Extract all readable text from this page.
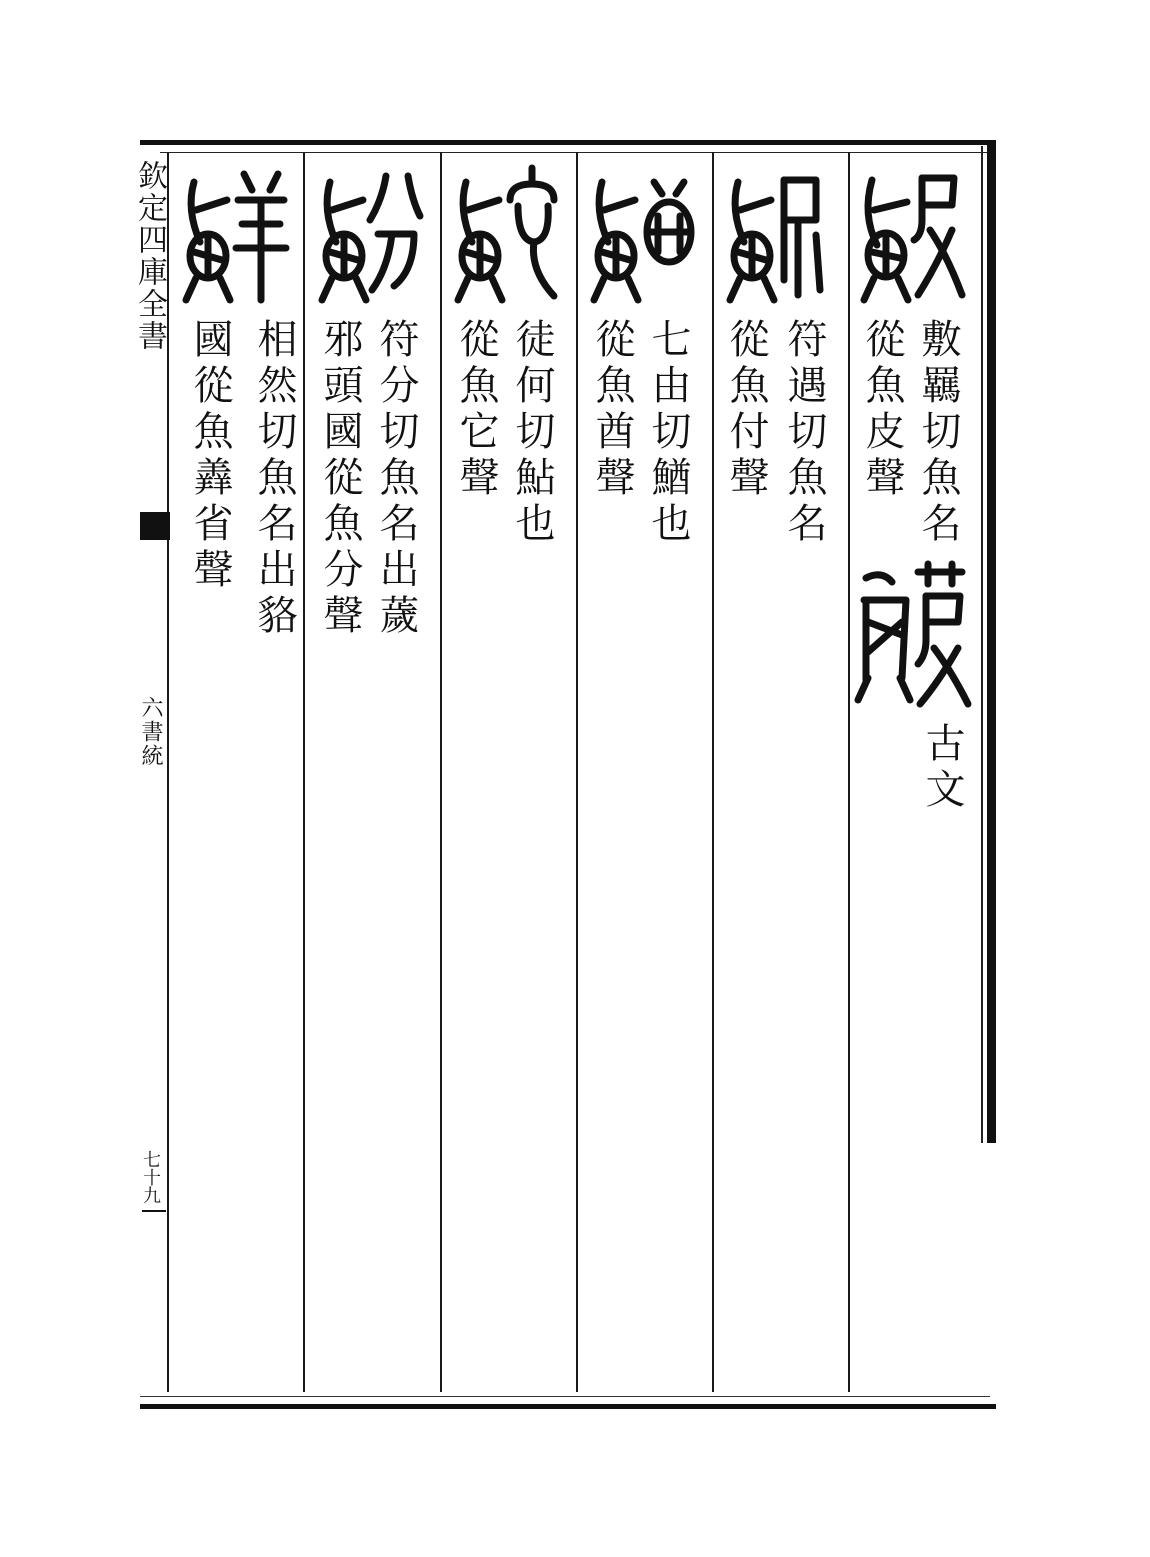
欽定四庫全書
六書統
七十九
敷羈切魚名
從魚皮聲
古文
符遇切魚名
從魚付聲
七由切鰌也
從魚酋聲
徒何切鮎也
從魚它聲
符分切魚名出薉
邪頭國從魚分聲
相然切魚名出貉
國從魚羴省聲
